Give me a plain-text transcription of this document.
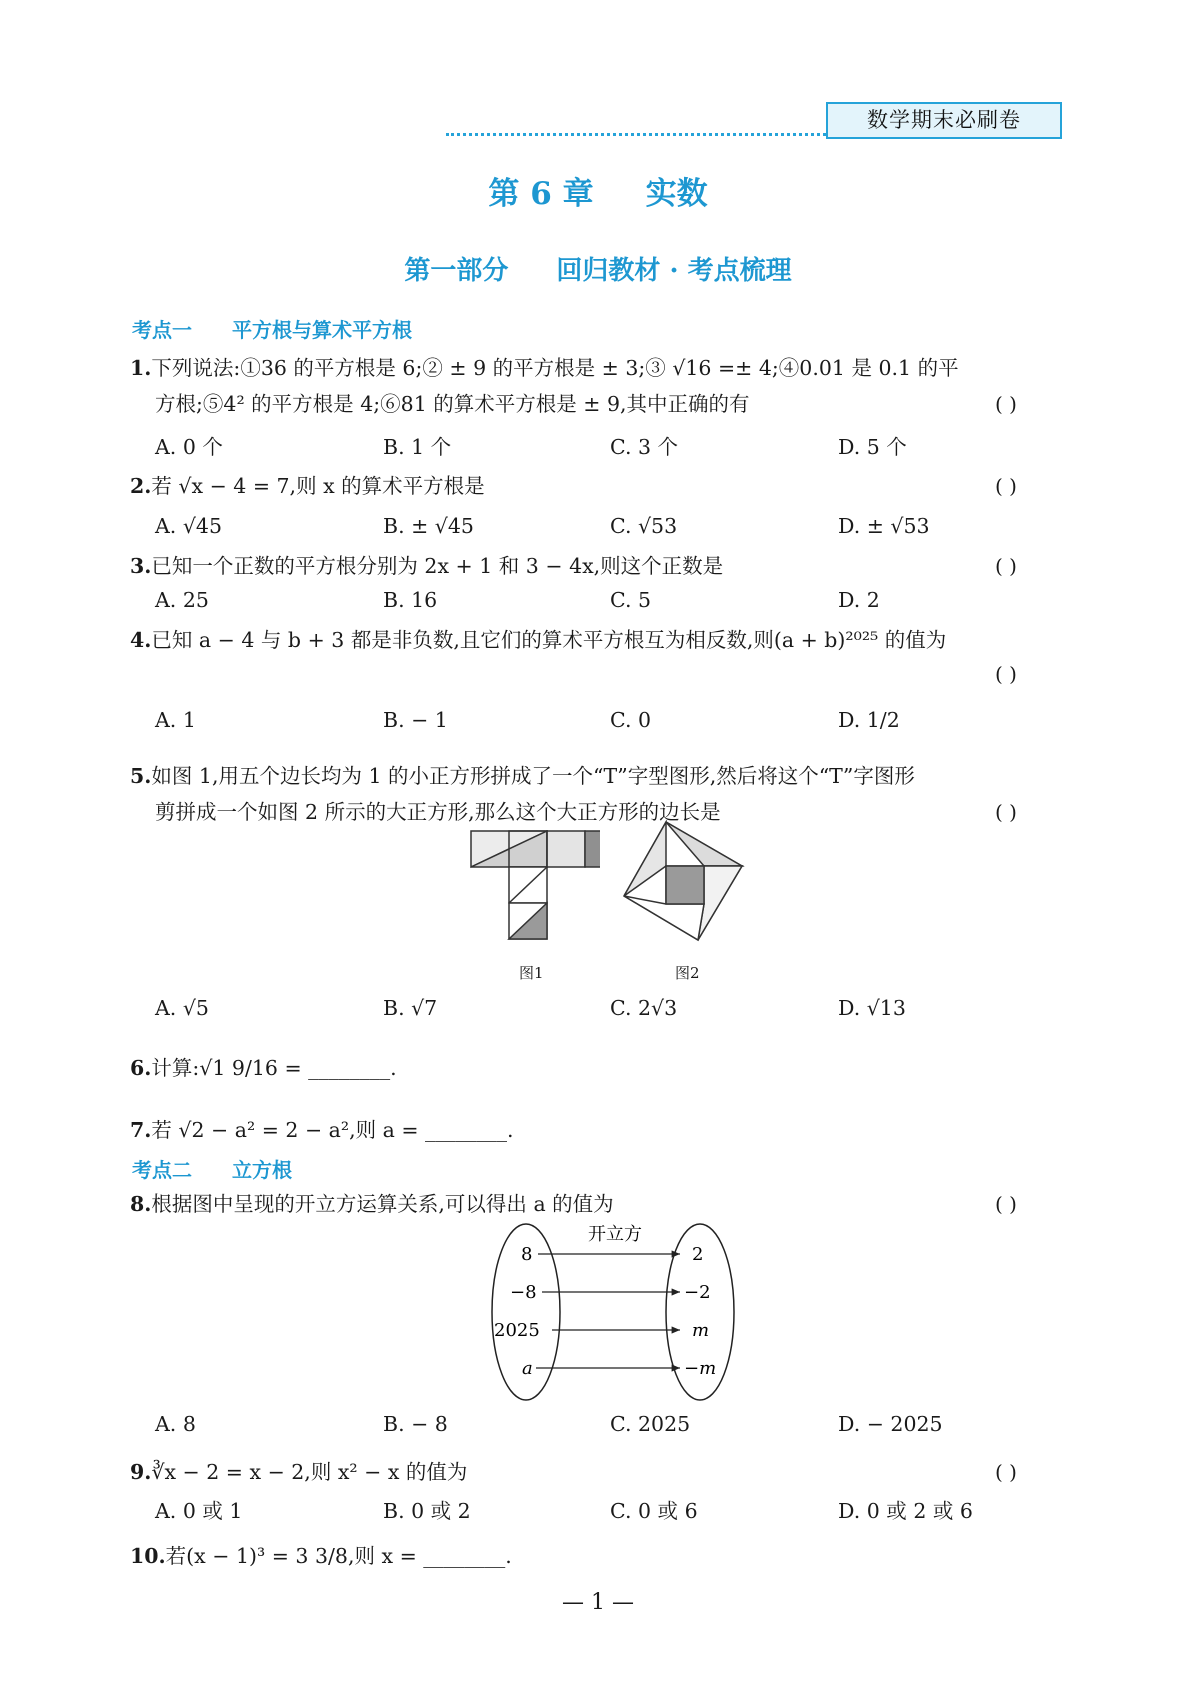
数学期末必刷卷
第 6 章 实数
第一部分 回归教材 · 考点梳理
考点一 平方根与算术平方根
1.下列说法:①36 的平方根是 6;② ± 9 的平方根是 ± 3;③ √16 =± 4;④0.01 是 0.1 的平
方根;⑤4² 的平方根是 4;⑥81 的算术平方根是 ± 9,其中正确的有	( )
A. 0 个	B. 1 个	C. 3 个	D. 5 个
2.若 √x − 4 = 7,则 x 的算术平方根是	( )
A. √45	B. ± √45	C. √53	D. ± √53
3.已知一个正数的平方根分别为 2x + 1 和 3 − 4x,则这个正数是	( )
A. 25	B. 16	C. 5	D. 2
4.已知 a − 4 与 b + 3 都是非负数,且它们的算术平方根互为相反数,则(a + b)²⁰²⁵ 的值为
( )
A. 1	B. − 1	C. 0	D. 1/2
5.如图 1,用五个边长均为 1 的小正方形拼成了一个“T”字型图形,然后将这个“T”字图形
剪拼成一个如图 2 所示的大正方形,那么这个大正方形的边长是	( )
图1	图2
A. √5	B. √7	C. 2√3	D. √13
6.计算:√1 9/16 = ________.
7.若 √2 − a² = 2 − a²,则 a = ________.
考点二 立方根
8.根据图中呈现的开立方运算关系,可以得出 a 的值为	( )
开立方
8
−8
2025
a
2
−2
m
−m
A. 8	B. − 8	C. 2025	D. − 2025
9.∛x − 2 = x − 2,则 x² − x 的值为	( )
A. 0 或 1	B. 0 或 2	C. 0 或 6	D. 0 或 2 或 6
10.若(x − 1)³ = 3 3/8,则 x = ________.
— 1 —
